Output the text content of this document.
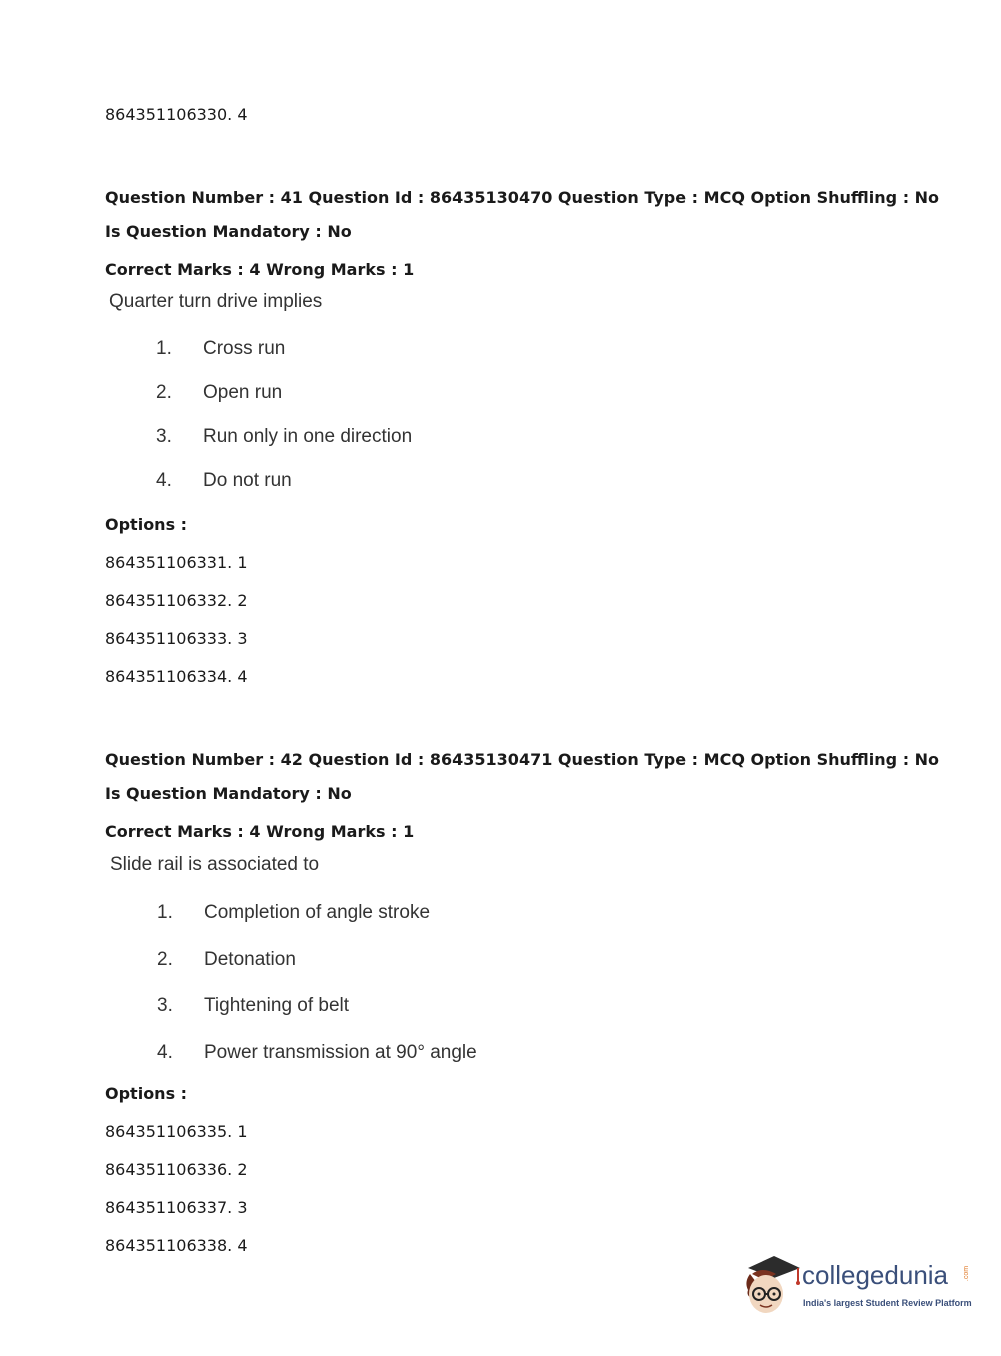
864351106330. 4
Question Number : 41 Question Id : 86435130470 Question Type : MCQ Option Shuffling : No
Is Question Mandatory : No
Correct Marks : 4 Wrong Marks : 1
Quarter turn drive implies
1. Cross run
2. Open run
3. Run only in one direction
4. Do not run
Options :
864351106331. 1
864351106332. 2
864351106333. 3
864351106334. 4
Question Number : 42 Question Id : 86435130471 Question Type : MCQ Option Shuffling : No
Is Question Mandatory : No
Correct Marks : 4 Wrong Marks : 1
Slide rail is associated to
1. Completion of angle stroke
2. Detonation
3. Tightening of belt
4. Power transmission at 90° angle
Options :
864351106335. 1
864351106336. 2
864351106337. 3
864351106338. 4
collegedunia .com
India's largest Student Review Platform
